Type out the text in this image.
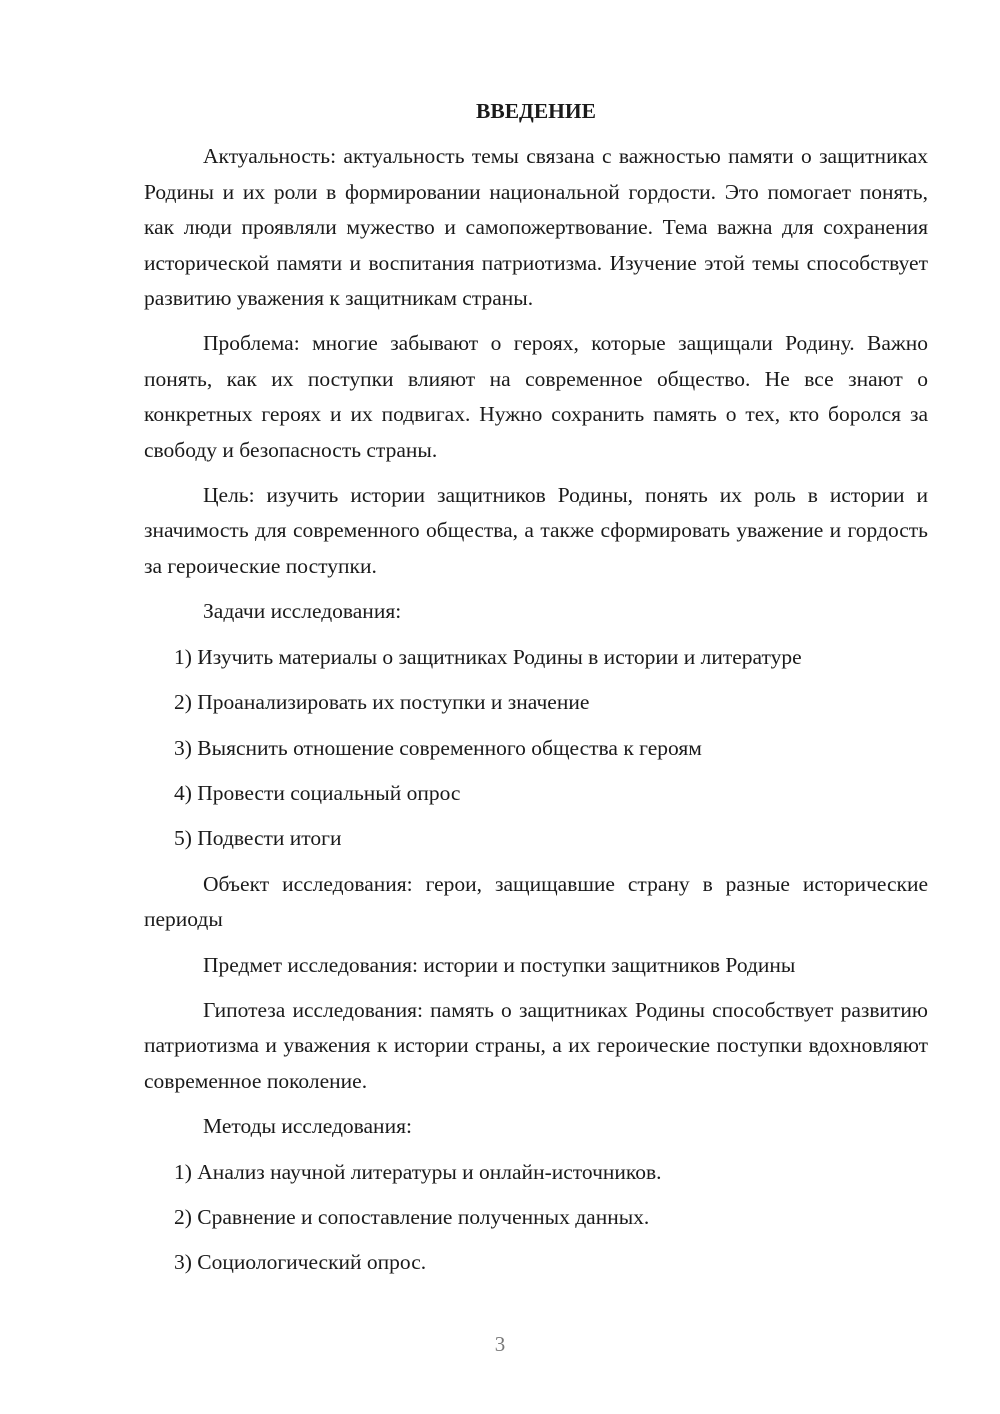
ВВЕДЕНИЕ

Актуальность: актуальность темы связана с важностью памяти о защитниках Родины и их роли в формировании национальной гордости. Это помогает понять, как люди проявляли мужество и самопожертвование. Тема важна для сохранения исторической памяти и воспитания патриотизма. Изучение этой темы способствует развитию уважения к защитникам страны.

Проблема: многие забывают о героях, которые защищали Родину. Важно понять, как их поступки влияют на современное общество. Не все знают о конкретных героях и их подвигах. Нужно сохранить память о тех, кто боролся за свободу и безопасность страны.

Цель: изучить истории защитников Родины, понять их роль в истории и значимость для современного общества, а также сформировать уважение и гордость за героические поступки.

Задачи исследования:

1) Изучить материалы о защитниках Родины в истории и литературе
2) Проанализировать их поступки и значение
3) Выяснить отношение современного общества к героям
4) Провести социальный опрос
5) Подвести итоги

Объект исследования: герои, защищавшие страну в разные исторические периоды

Предмет исследования: истории и поступки защитников Родины

Гипотеза исследования: память о защитниках Родины способствует развитию патриотизма и уважения к истории страны, а их героические поступки вдохновляют современное поколение.

Методы исследования:

1) Анализ научной литературы и онлайн-источников.
2) Сравнение и сопоставление полученных данных.
3) Социологический опрос.
3
